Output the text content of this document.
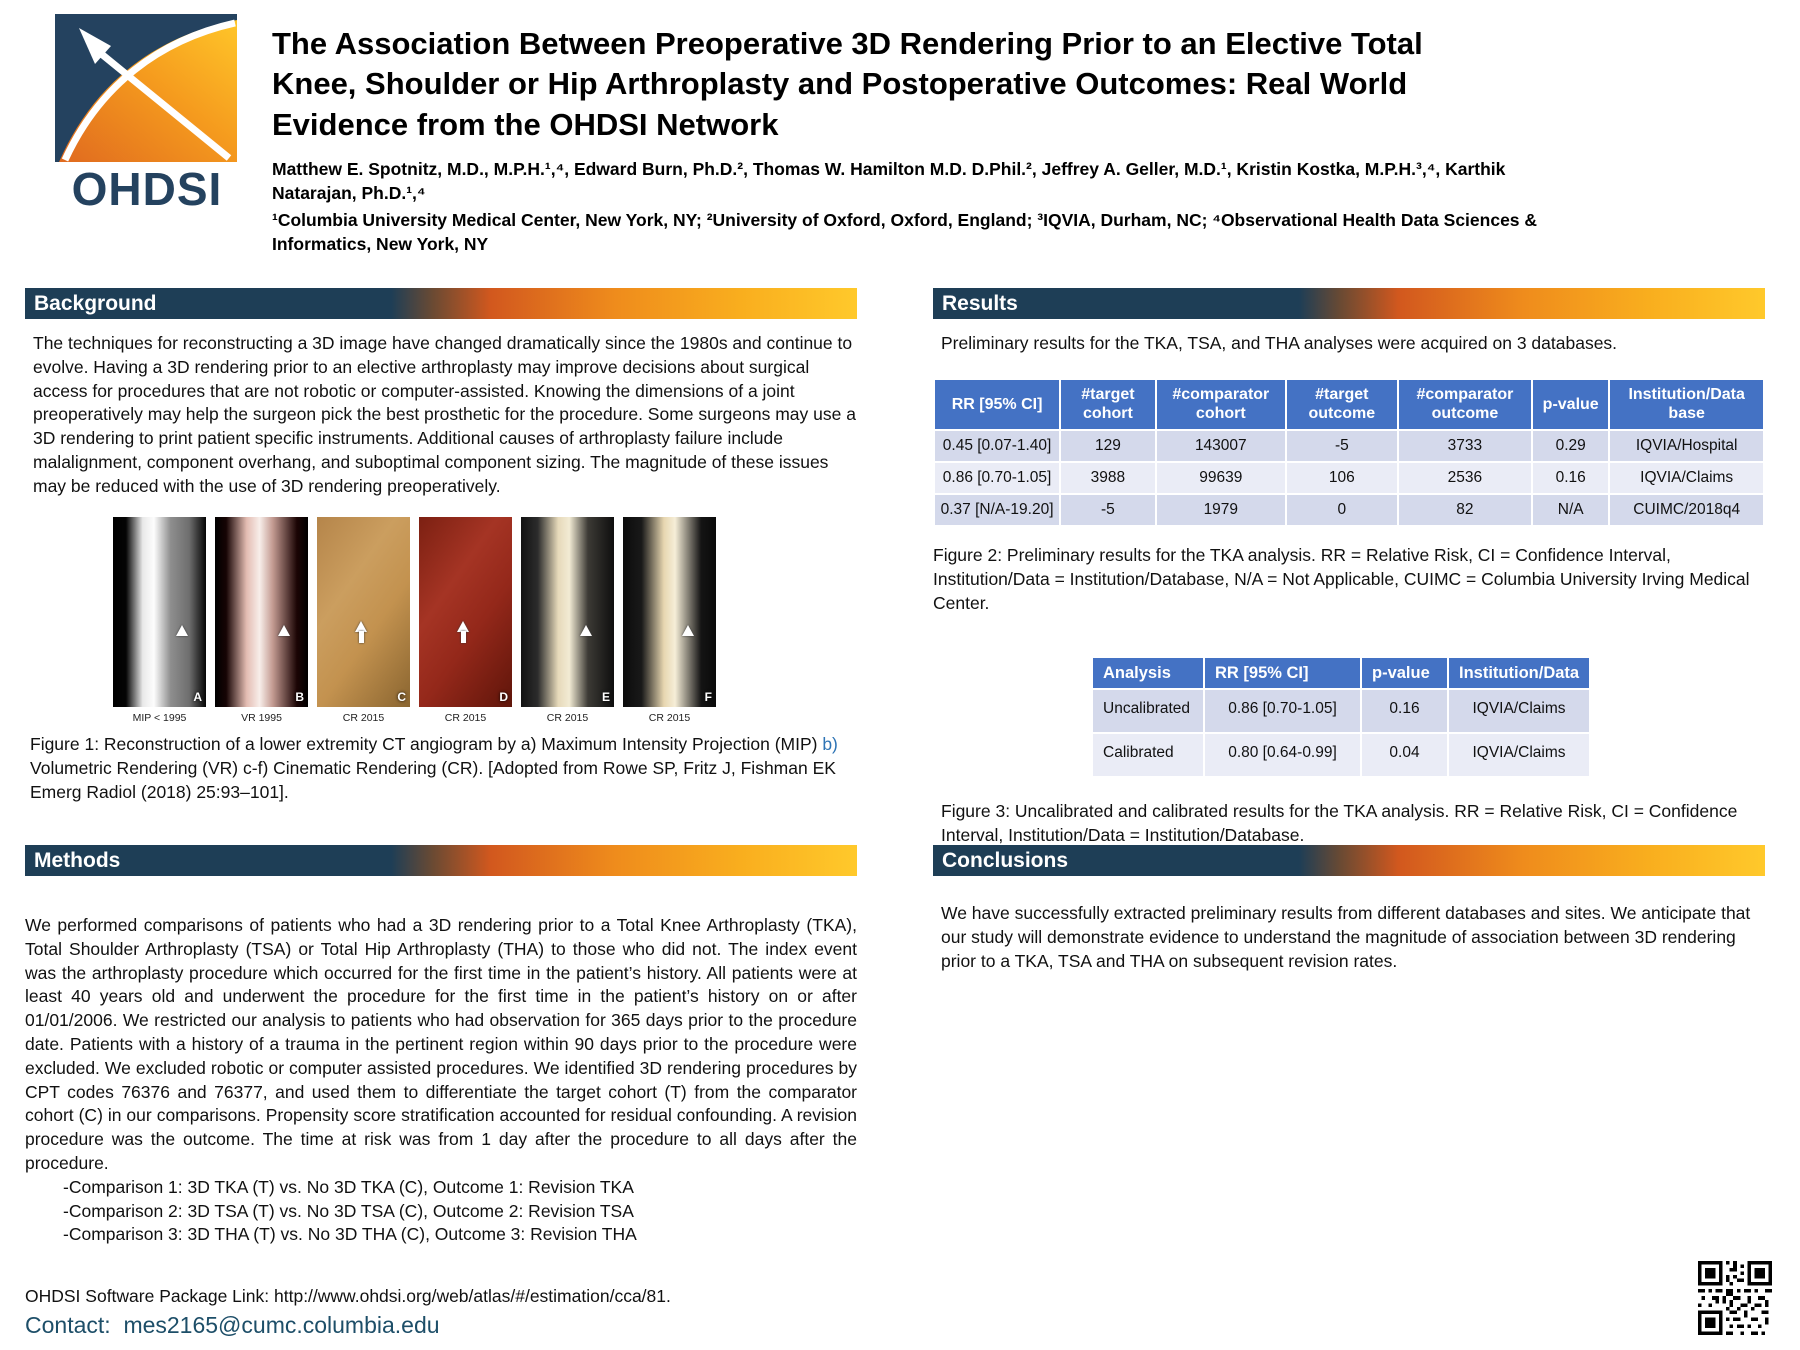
OHDSI
The Association Between Preoperative 3D Rendering Prior to an Elective Total
Knee, Shoulder or Hip Arthroplasty and Postoperative Outcomes: Real World
Evidence from the OHDSI Network
Matthew E. Spotnitz, M.D., M.P.H.¹,⁴, Edward Burn, Ph.D.², Thomas W. Hamilton M.D. D.Phil.², Jeffrey A. Geller, M.D.¹, Kristin Kostka, M.P.H.³,⁴, Karthik Natarajan, Ph.D.¹,⁴
¹Columbia University Medical Center, New York, NY; ²University of Oxford, Oxford, England; ³IQVIA, Durham, NC; ⁴Observational Health Data Sciences & Informatics, New York, NY
Background

The techniques for reconstructing a 3D image have changed dramatically since the 1980s and continue to evolve. Having a 3D rendering prior to an elective arthroplasty may improve decisions about surgical access for procedures that are not robotic or computer-assisted. Knowing the dimensions of a joint preoperatively may help the surgeon pick the best prosthetic for the procedure. Some surgeons may use a 3D rendering to print patient specific instruments. Additional causes of arthroplasty failure include malalignment, component overhang, and suboptimal component sizing. The magnitude of these issues may be reduced with the use of 3D rendering preoperatively.

A	B	C	D	E	F
MIP < 1995	VR 1995	CR 2015	CR 2015	CR 2015	CR 2015
Figure 1: Reconstruction of a lower extremity CT angiogram by a) Maximum Intensity Projection (MIP) b) Volumetric Rendering (VR) c-f) Cinematic Rendering (CR). [Adopted from Rowe SP, Fritz J, Fishman EK Emerg Radiol (2018) 25:93–101].
Methods

We performed comparisons of patients who had a 3D rendering prior to a Total Knee Arthroplasty (TKA), Total Shoulder Arthroplasty (TSA) or Total Hip Arthroplasty (THA) to those who did not. The index event was the arthroplasty procedure which occurred for the first time in the patient’s history. All patients were at least 40 years old and underwent the procedure for the first time in the patient’s history on or after 01/01/2006. We restricted our analysis to patients who had observation for 365 days prior to the procedure date. Patients with a history of a trauma in the pertinent region within 90 days prior to the procedure were excluded. We excluded robotic or computer assisted procedures. We identified 3D rendering procedures by CPT codes 76376 and 76377, and used them to differentiate the target cohort (T) from the comparator cohort (C) in our comparisons. Propensity score stratification accounted for residual confounding. A revision procedure was the outcome. The time at risk was from 1 day after the procedure to all days after the procedure.

-Comparison 1: 3D TKA (T) vs. No 3D TKA (C), Outcome 1: Revision TKA
-Comparison 2: 3D TSA (T) vs. No 3D TSA (C), Outcome 2: Revision TSA
-Comparison 3: 3D THA (T) vs. No 3D THA (C), Outcome 3: Revision THA

OHDSI Software Package Link: http://www.ohdsi.org/web/atlas/#/estimation/cca/81.

Results

Preliminary results for the TKA, TSA, and THA analyses were acquired on 3 databases.

RR [95% CI]	#target cohort	#comparator cohort	#target outcome	#comparator outcome	p-value	Institution/Data base
0.45 [0.07-1.40]	129	143007	-5	3733	0.29	IQVIA/Hospital
0.86 [0.70-1.05]	3988	99639	106	2536	0.16	IQVIA/Claims
0.37 [N/A-19.20]	-5	1979	0	82	N/A	CUIMC/2018q4
Figure 2: Preliminary results for the TKA analysis. RR = Relative Risk, CI = Confidence Interval, Institution/Data = Institution/Database, N/A = Not Applicable, CUIMC = Columbia University Irving Medical Center.
Analysis	RR [95% CI]	p-value	Institution/Data
Uncalibrated	0.86 [0.70-1.05]	0.16	IQVIA/Claims
Calibrated	0.80 [0.64-0.99]	0.04	IQVIA/Claims
Figure 3: Uncalibrated and calibrated results for the TKA analysis. RR = Relative Risk, CI = Confidence Interval, Institution/Data = Institution/Database.
Conclusions

We have successfully extracted preliminary results from different databases and sites. We anticipate that our study will demonstrate evidence to understand the magnitude of association between 3D rendering prior to a TKA, TSA and THA on subsequent revision rates.

Contact: mes2165@cumc.columbia.edu
